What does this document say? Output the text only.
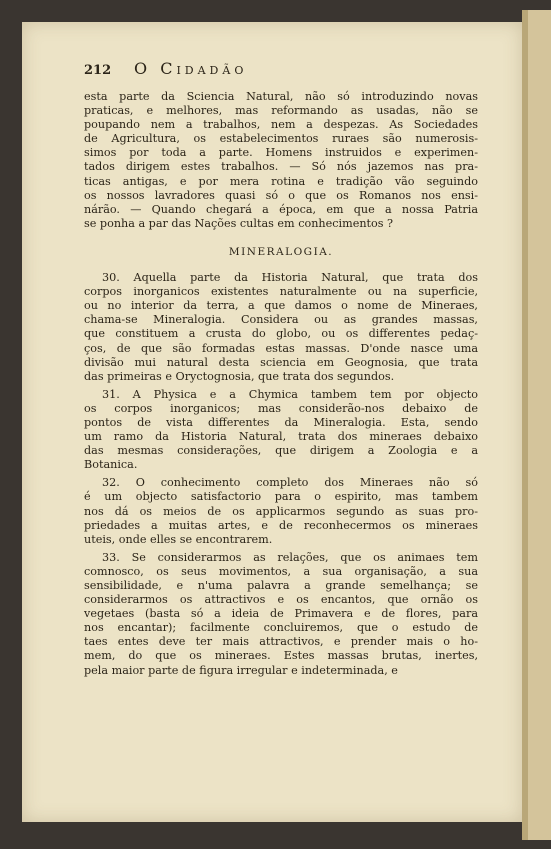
212	O Cidadão
esta parte da Sciencia Natural, não só introduzindo novas
praticas, e melhores, mas reformando as usadas, não se
poupando nem a trabalhos, nem a despezas. As Sociedades
de Agricultura, os estabelecimentos ruraes são numerosis-
simos por toda a parte. Homens instruidos e experimen-
tados dirigem estes trabalhos. — Só nós jazemos nas pra-
ticas antigas, e por mera rotina e tradição vão seguindo
os nossos lavradores quasi só o que os Romanos nos ensi-
nárão. — Quando chegará a época, em que a nossa Patria
se ponha a par das Nações cultas em conhecimentos ?
MINERALOGIA.
30. Aquella parte da Historia Natural, que trata dos
corpos inorganicos existentes naturalmente ou na superficie,
ou no interior da terra, a que damos o nome de Mineraes,
chama-se Mineralogia. Considera ou as grandes massas,
que constituem a crusta do globo, ou os differentes pedaç-
ços, de que são formadas estas massas. D'onde nasce uma
divisão mui natural desta sciencia em Geognosia, que trata
das primeiras e Oryctognosia, que trata dos segundos.
31. A Physica e a Chymica tambem tem por objecto
os corpos inorganicos; mas considerão-nos debaixo de
pontos de vista differentes da Mineralogia. Esta, sendo
um ramo da Historia Natural, trata dos mineraes debaixo
das mesmas considerações, que dirigem a Zoologia e a
Botanica.
32. O conhecimento completo dos Mineraes não só
é um objecto satisfactorio para o espirito, mas tambem
nos dá os meios de os applicarmos segundo as suas pro-
priedades a muitas artes, e de reconhecermos os mineraes
uteis, onde elles se encontrarem.
33. Se considerarmos as relações, que os animaes tem
comnosco, os seus movimentos, a sua organisação, a sua
sensibilidade, e n'uma palavra a grande semelhança; se
considerarmos os attractivos e os encantos, que ornão os
vegetaes (basta só a ideia de Primavera e de flores, para
nos encantar); facilmente concluiremos, que o estudo de
taes entes deve ter mais attractivos, e prender mais o ho-
mem, do que os mineraes. Estes massas brutas, inertes,
pela maior parte de figura irregular e indeterminada, e
